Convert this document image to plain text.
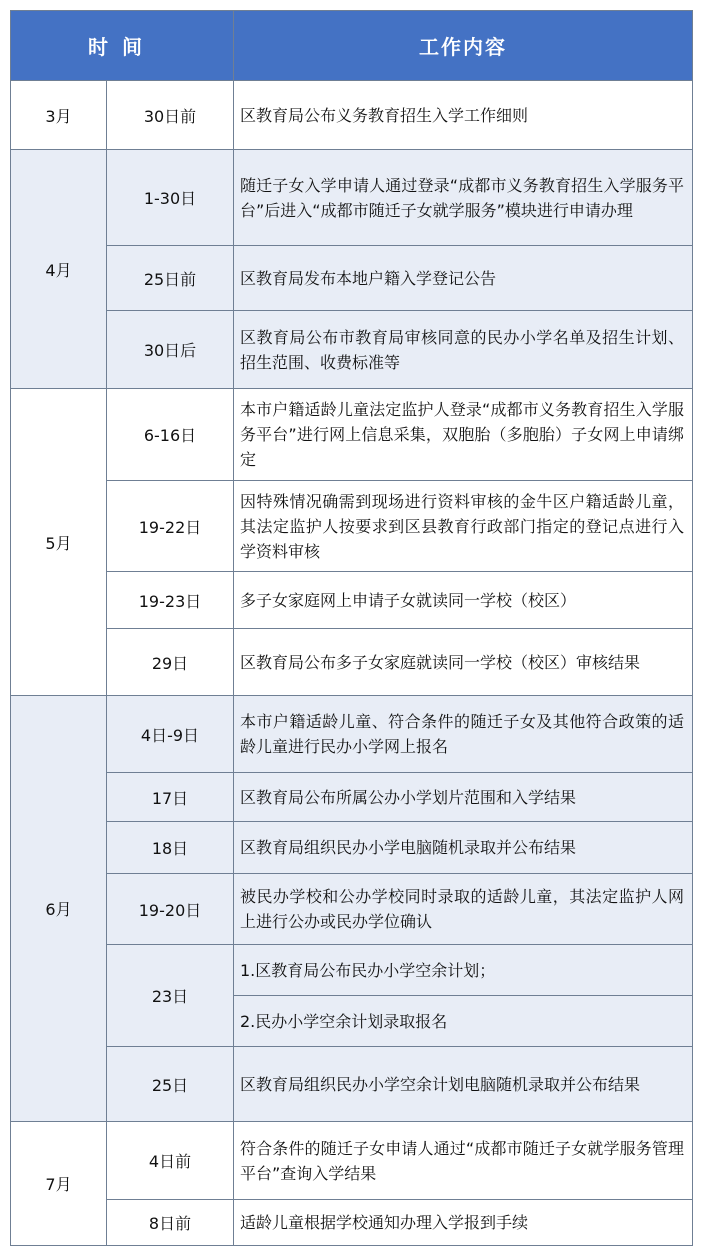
时间		工作内容
3月	30日前	区教育局公布义务教育招生入学工作细则
4月	1-30日	随迁子女入学申请人通过登录“成都市义务教育招生入学服务平台”后进入“成都市随迁子女就学服务”模块进行申请办理
	25日前	区教育局发布本地户籍入学登记公告
	30日后	区教育局公布市教育局审核同意的民办小学名单及招生计划、招生范围、收费标准等
5月	6-16日	本市户籍适龄儿童法定监护人登录“成都市义务教育招生入学服务平台”进行网上信息采集，双胞胎（多胞胎）子女网上申请绑定
	19-22日	因特殊情况确需到现场进行资料审核的金牛区户籍适龄儿童，其法定监护人按要求到区县教育行政部门指定的登记点进行入学资料审核
	19-23日	多子女家庭网上申请子女就读同一学校（校区）
	29日	区教育局公布多子女家庭就读同一学校（校区）审核结果
6月	4日-9日	本市户籍适龄儿童、符合条件的随迁子女及其他符合政策的适龄儿童进行民办小学网上报名
	17日	区教育局公布所属公办小学划片范围和入学结果
	18日	区教育局组织民办小学电脑随机录取并公布结果
	19-20日	被民办学校和公办学校同时录取的适龄儿童，其法定监护人网上进行公办或民办学位确认
	23日	1.区教育局公布民办小学空余计划；
		2.民办小学空余计划录取报名
	25日	区教育局组织民办小学空余计划电脑随机录取并公布结果
7月	4日前	符合条件的随迁子女申请人通过“成都市随迁子女就学服务管理平台”查询入学结果
	8日前	适龄儿童根据学校通知办理入学报到手续
